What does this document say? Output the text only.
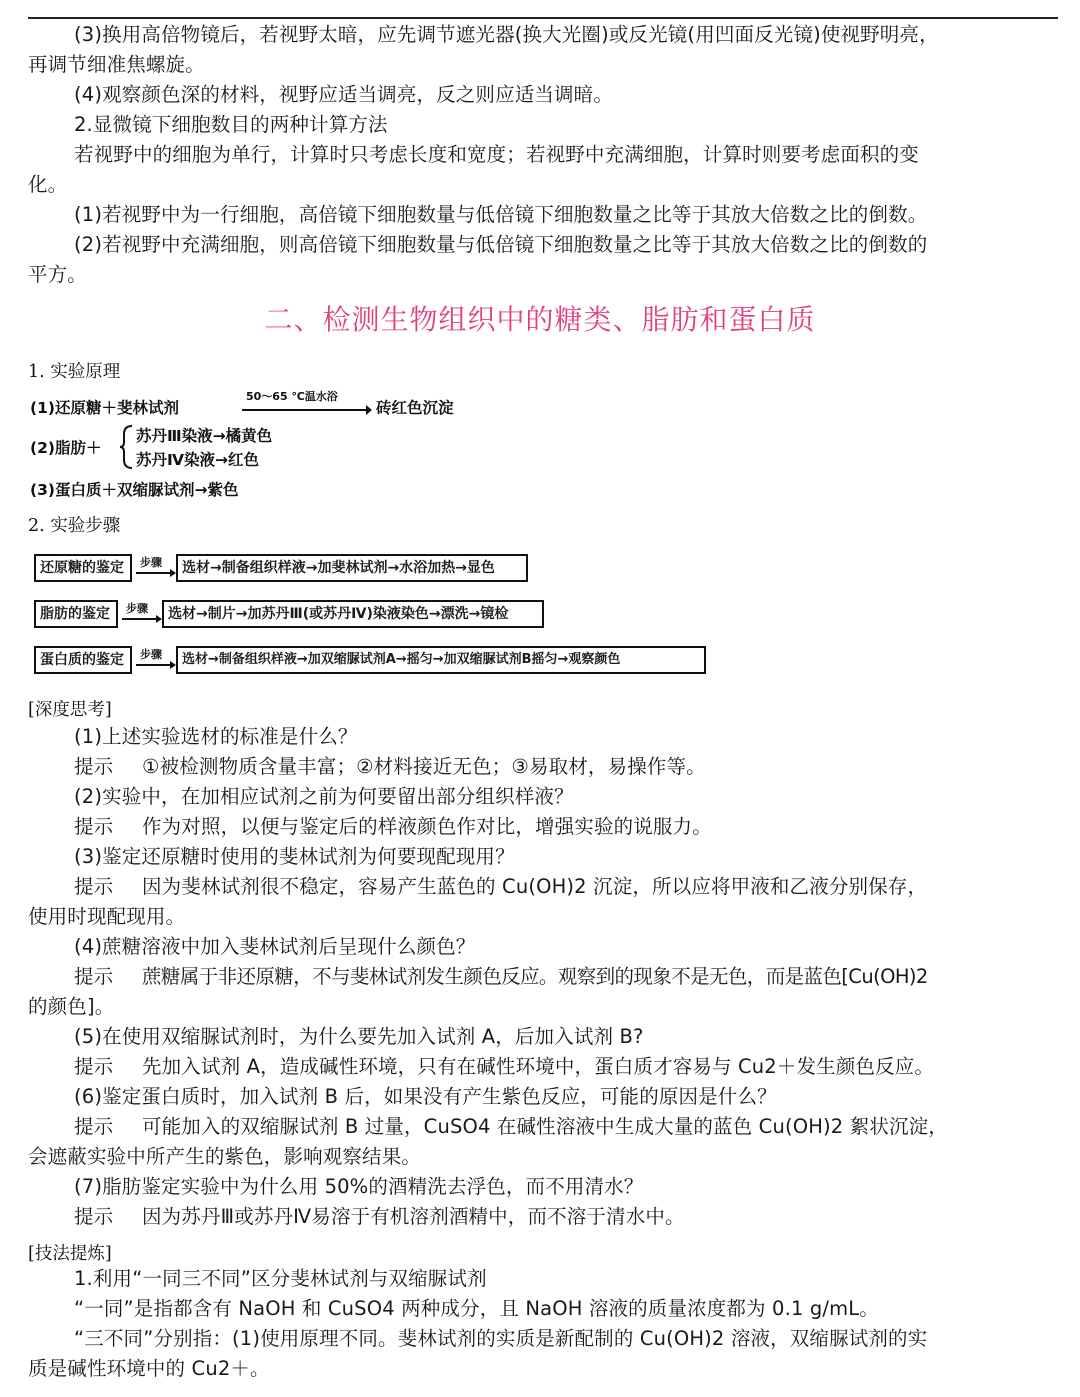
(3)换用高倍物镜后，若视野太暗，应先调节遮光器(换大光圈)或反光镜(用凹面反光镜)使视野明亮，
再调节细准焦螺旋。
(4)观察颜色深的材料，视野应适当调亮，反之则应适当调暗。
2.显微镜下细胞数目的两种计算方法
若视野中的细胞为单行，计算时只考虑长度和宽度；若视野中充满细胞，计算时则要考虑面积的变
化。
(1)若视野中为一行细胞，高倍镜下细胞数量与低倍镜下细胞数量之比等于其放大倍数之比的倒数。
(2)若视野中充满细胞，则高倍镜下细胞数量与低倍镜下细胞数量之比等于其放大倍数之比的倒数的
平方。
二、检测生物组织中的糖类、脂肪和蛋白质
1. 实验原理
(1)还原糖＋斐林试剂
50～65 ℃温水浴
砖红色沉淀
(2)脂肪＋
苏丹Ⅲ染液→橘黄色
苏丹Ⅳ染液→红色
(3)蛋白质＋双缩脲试剂→紫色
2. 实验步骤
还原糖的鉴定	步骤	选材→制备组织样液→加斐林试剂→水浴加热→显色
脂肪的鉴定	步骤	选材→制片→加苏丹Ⅲ(或苏丹Ⅳ)染液染色→漂洗→镜检
蛋白质的鉴定	步骤	选材→制备组织样液→加双缩脲试剂A→摇匀→加双缩脲试剂B摇匀→观察颜色
[深度思考]
(1)上述实验选材的标准是什么？
提示 ①被检测物质含量丰富；②材料接近无色；③易取材，易操作等。
(2)实验中，在加相应试剂之前为何要留出部分组织样液？
提示 作为对照，以便与鉴定后的样液颜色作对比，增强实验的说服力。
(3)鉴定还原糖时使用的斐林试剂为何要现配现用？
提示 因为斐林试剂很不稳定，容易产生蓝色的 Cu(OH)2 沉淀，所以应将甲液和乙液分别保存，
使用时现配现用。
(4)蔗糖溶液中加入斐林试剂后呈现什么颜色？
提示 蔗糖属于非还原糖，不与斐林试剂发生颜色反应。观察到的现象不是无色，而是蓝色[Cu(OH)2
的颜色]。
(5)在使用双缩脲试剂时，为什么要先加入试剂 A，后加入试剂 B?
提示 先加入试剂 A，造成碱性环境，只有在碱性环境中，蛋白质才容易与 Cu2＋发生颜色反应。
(6)鉴定蛋白质时，加入试剂 B 后，如果没有产生紫色反应，可能的原因是什么？
提示 可能加入的双缩脲试剂 B 过量，CuSO4 在碱性溶液中生成大量的蓝色 Cu(OH)2 絮状沉淀，
会遮蔽实验中所产生的紫色，影响观察结果。
(7)脂肪鉴定实验中为什么用 50%的酒精洗去浮色，而不用清水？
提示 因为苏丹Ⅲ或苏丹Ⅳ易溶于有机溶剂酒精中，而不溶于清水中。
[技法提炼]
1.利用“一同三不同”区分斐林试剂与双缩脲试剂
“一同”是指都含有 NaOH 和 CuSO4 两种成分，且 NaOH 溶液的质量浓度都为 0.1 g/mL。
“三不同”分别指：(1)使用原理不同。斐林试剂的实质是新配制的 Cu(OH)2 溶液，双缩脲试剂的实
质是碱性环境中的 Cu2＋。
